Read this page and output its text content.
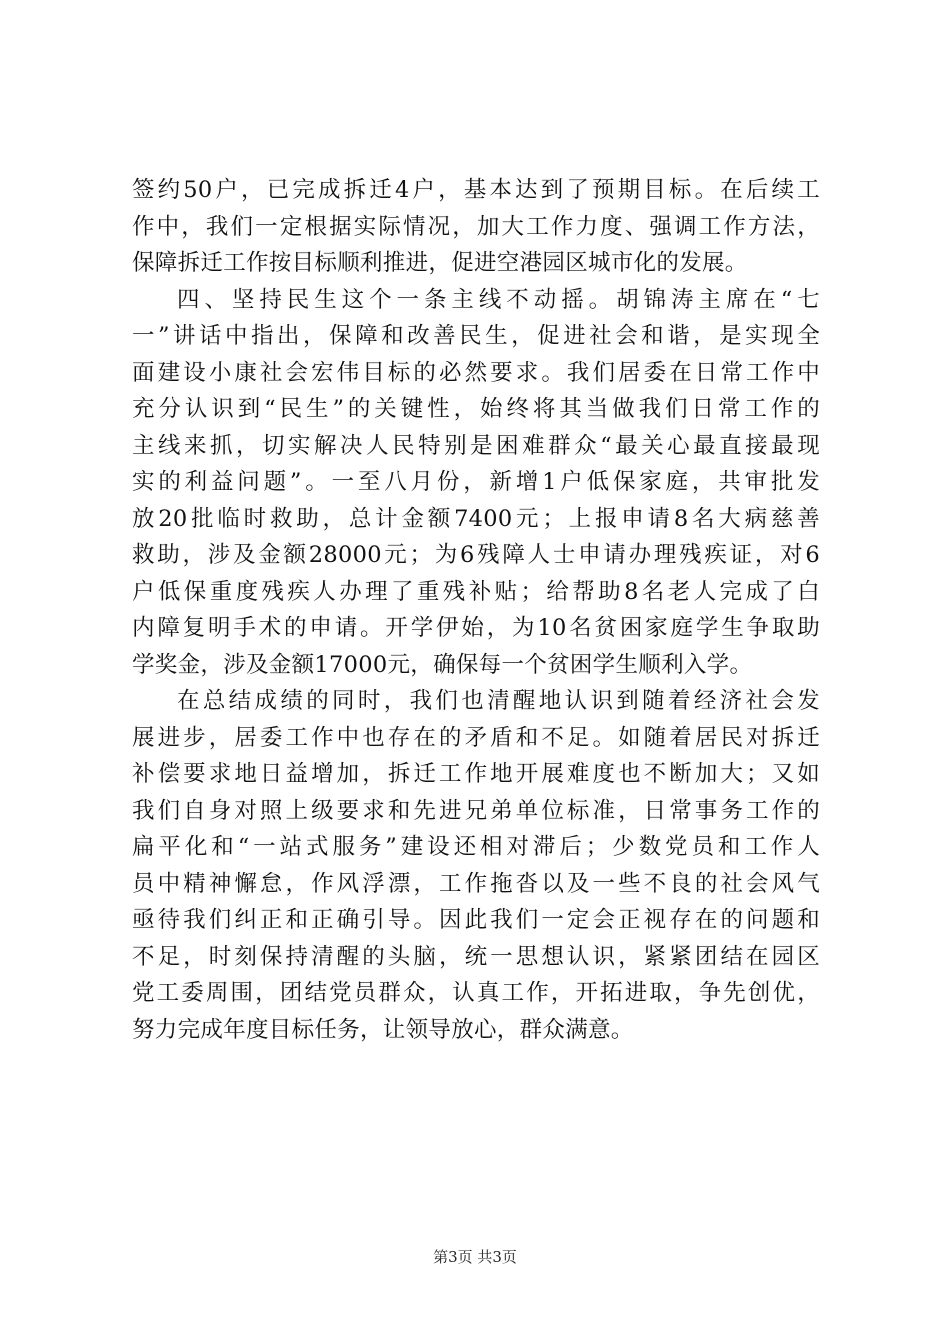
签约50户，已完成拆迁4户，基本达到了预期目标。在后续工
作中，我们一定根据实际情况，加大工作力度、强调工作方法，
保障拆迁工作按目标顺利推进，促进空港园区城市化的发展。
四、坚持民生这个一条主线不动摇。胡锦涛主席在“七
一”讲话中指出，保障和改善民生，促进社会和谐，是实现全
面建设小康社会宏伟目标的必然要求。我们居委在日常工作中
充分认识到“民生”的关键性，始终将其当做我们日常工作的
主线来抓，切实解决人民特别是困难群众“最关心最直接最现
实的利益问题”。一至八月份，新增1户低保家庭，共审批发
放20批临时救助，总计金额7400元；上报申请8名大病慈善
救助，涉及金额28000元；为6残障人士申请办理残疾证，对6
户低保重度残疾人办理了重残补贴；给帮助8名老人完成了白
内障复明手术的申请。开学伊始，为10名贫困家庭学生争取助
学奖金，涉及金额17000元，确保每一个贫困学生顺利入学。
在总结成绩的同时，我们也清醒地认识到随着经济社会发
展进步，居委工作中也存在的矛盾和不足。如随着居民对拆迁
补偿要求地日益增加，拆迁工作地开展难度也不断加大；又如
我们自身对照上级要求和先进兄弟单位标准，日常事务工作的
扁平化和“一站式服务”建设还相对滞后；少数党员和工作人
员中精神懈怠，作风浮漂，工作拖沓以及一些不良的社会风气
亟待我们纠正和正确引导。因此我们一定会正视存在的问题和
不足，时刻保持清醒的头脑，统一思想认识，紧紧团结在园区
党工委周围，团结党员群众，认真工作，开拓进取，争先创优，
努力完成年度目标任务，让领导放心，群众满意。
第3页 共3页
